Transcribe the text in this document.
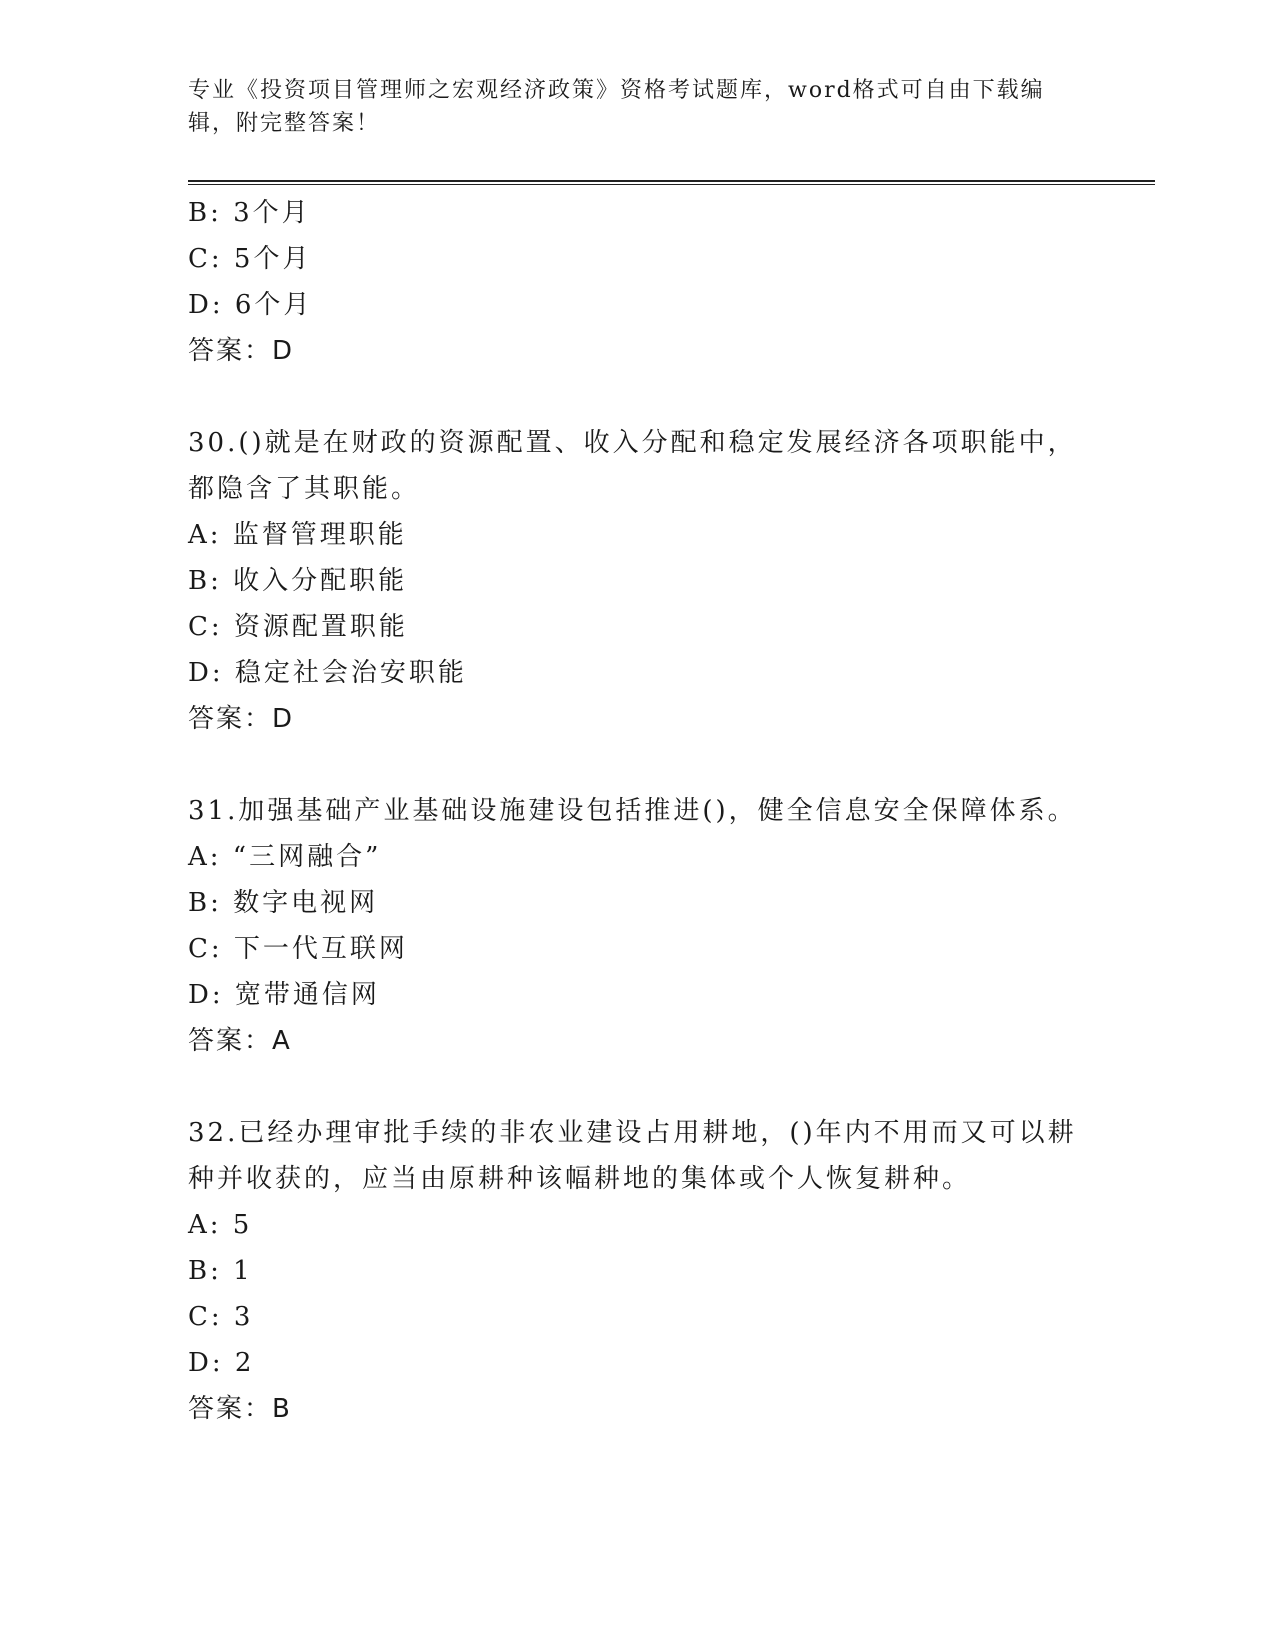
专业《投资项目管理师之宏观经济政策》资格考试题库，word格式可自由下载编
辑，附完整答案！
B: 3个月
C: 5个月
D: 6个月
答案：D
30.()就是在财政的资源配置、收入分配和稳定发展经济各项职能中，
都隐含了其职能。
A: 监督管理职能
B: 收入分配职能
C: 资源配置职能
D: 稳定社会治安职能
答案：D
31.加强基础产业基础设施建设包括推进()，健全信息安全保障体系。
A: “三网融合”
B: 数字电视网
C: 下一代互联网
D: 宽带通信网
答案：A
32.已经办理审批手续的非农业建设占用耕地，()年内不用而又可以耕
种并收获的，应当由原耕种该幅耕地的集体或个人恢复耕种。
A: 5
B: 1
C: 3
D: 2
答案：B
